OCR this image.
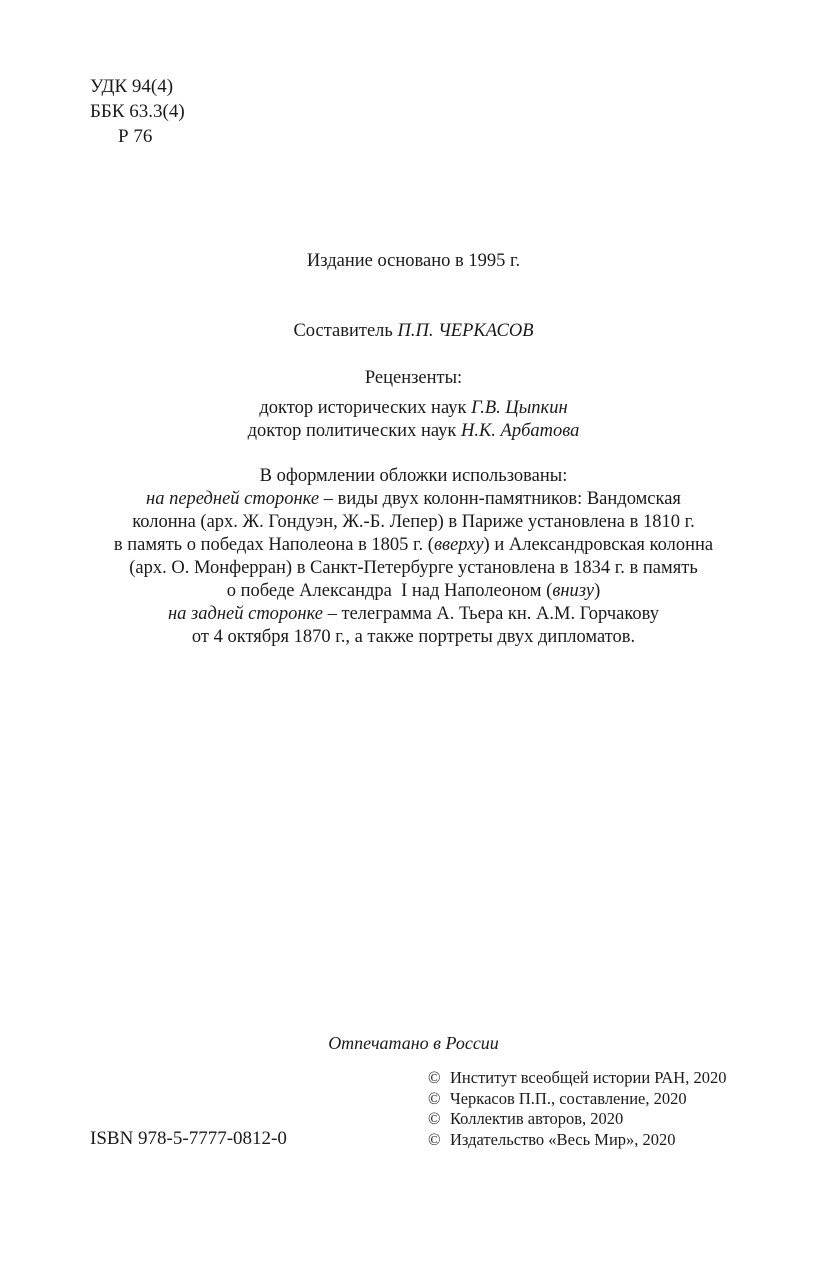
УДК 94(4)
ББК 63.3(4)
Р 76

Издание основано в 1995 г.

Составитель П.П. ЧЕРКАСОВ

Рецензенты:

доктор исторических наук Г.В. Цыпкин

доктор политических наук Н.К. Арбатова

В оформлении обложки использованы:

на передней сторонке – виды двух колонн-памятников: Вандомская

колонна (арх. Ж. Гондуэн, Ж.-Б. Лепер) в Париже установлена в 1810 г.

в память о победах Наполеона в 1805 г. (вверху) и Александровская колонна

(арх. О. Монферран) в Санкт-Петербурге установлена в 1834 г. в память

о победе Александра  I над Наполеоном (внизу)

на задней сторонке – телеграмма А. Тьера кн. А.М. Горчакову

от 4 октября 1870 г., а также портреты двух дипломатов.

Отпечатано в России

© Институт всеобщей истории РАН, 2020
© Черкасов П.П., составление, 2020
© Коллектив авторов, 2020
© Издательство «Весь Мир», 2020
ISBN 978-5-7777-0812-0
